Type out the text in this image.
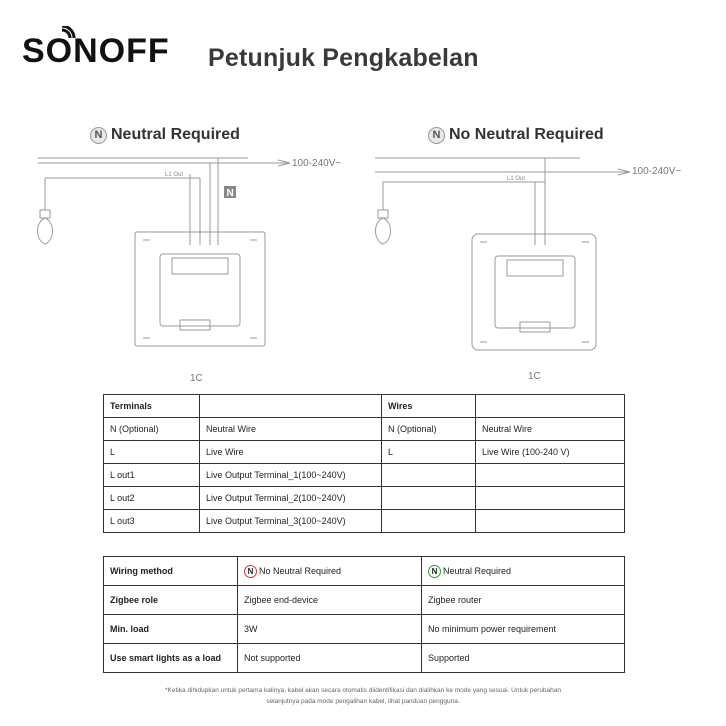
SONOFF Petunjuk Pengkabelan
N Neutral Required	N No Neutral Required
L1 Out
100-240V~
N
1C
L1 Out
100-240V~
1C
Terminals		Wires	
N (Optional)	Neutral Wire	N (Optional)	Neutral Wire
L	Live Wire	L	Live Wire (100-240 V)
L out1	Live Output Terminal_1(100~240V)		
L out2	Live Output Terminal_2(100~240V)		
L out3	Live Output Terminal_3(100~240V)		
Wiring method	N No Neutral Required	N Neutral Required
Zigbee role	Zigbee end-device	Zigbee router
Min. load	3W	No minimum power requirement
Use smart lights as a load	Not supported	Supported
*Ketika dihidupkan untuk pertama kalinya, kabel akan secara otomatis diidentifikasi dan dialihkan ke mode yang sesuai. Untuk perubahan
selanjutnya pada mode pengalihan kabel, lihat panduan pengguna.
